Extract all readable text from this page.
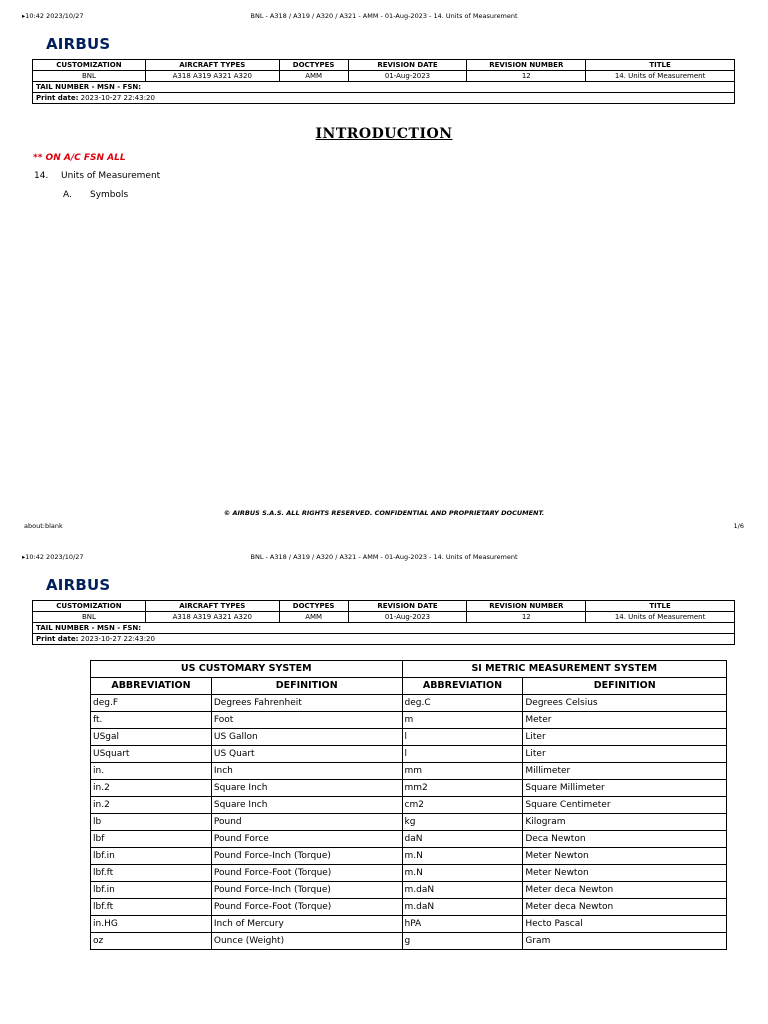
▸10:42 2023/10/27	BNL - A318 / A319 / A320 / A321 - AMM - 01-Aug-2023 - 14. Units of Measurement
AIRBUS
CUSTOMIZATION	AIRCRAFT TYPES	DOCTYPES	REVISION DATE	REVISION NUMBER	TITLE
BNL	A318 A319 A321 A320	AMM	01-Aug-2023	12	14. Units of Measurement
TAIL NUMBER - MSN - FSN:					
Print date: 2023-10-27 22:43:20					
INTRODUCTION
** ON A/C FSN ALL
14. Units of Measurement
A. Symbols
© AIRBUS S.A.S. ALL RIGHTS RESERVED. CONFIDENTIAL AND PROPRIETARY DOCUMENT.
about:blank	1/6
▸10:42 2023/10/27	BNL - A318 / A319 / A320 / A321 - AMM - 01-Aug-2023 - 14. Units of Measurement
AIRBUS
CUSTOMIZATION	AIRCRAFT TYPES	DOCTYPES	REVISION DATE	REVISION NUMBER	TITLE
BNL	A318 A319 A321 A320	AMM	01-Aug-2023	12	14. Units of Measurement
TAIL NUMBER - MSN - FSN:					
Print date: 2023-10-27 22:43:20					
US CUSTOMARY SYSTEM		SI METRIC MEASUREMENT SYSTEM	
ABBREVIATION	DEFINITION	ABBREVIATION	DEFINITION
deg.F	Degrees Fahrenheit	deg.C	Degrees Celsius
ft.	Foot	m	Meter
USgal	US Gallon	l	Liter
USquart	US Quart	l	Liter
in.	Inch	mm	Millimeter
in.2	Square Inch	mm2	Square Millimeter
in.2	Square Inch	cm2	Square Centimeter
lb	Pound	kg	Kilogram
lbf	Pound Force	daN	Deca Newton
lbf.in	Pound Force-Inch (Torque)	m.N	Meter Newton
lbf.ft	Pound Force-Foot (Torque)	m.N	Meter Newton
lbf.in	Pound Force-Inch (Torque)	m.daN	Meter deca Newton
lbf.ft	Pound Force-Foot (Torque)	m.daN	Meter deca Newton
in.HG	Inch of Mercury	hPA	Hecto Pascal
oz	Ounce (Weight)	g	Gram
